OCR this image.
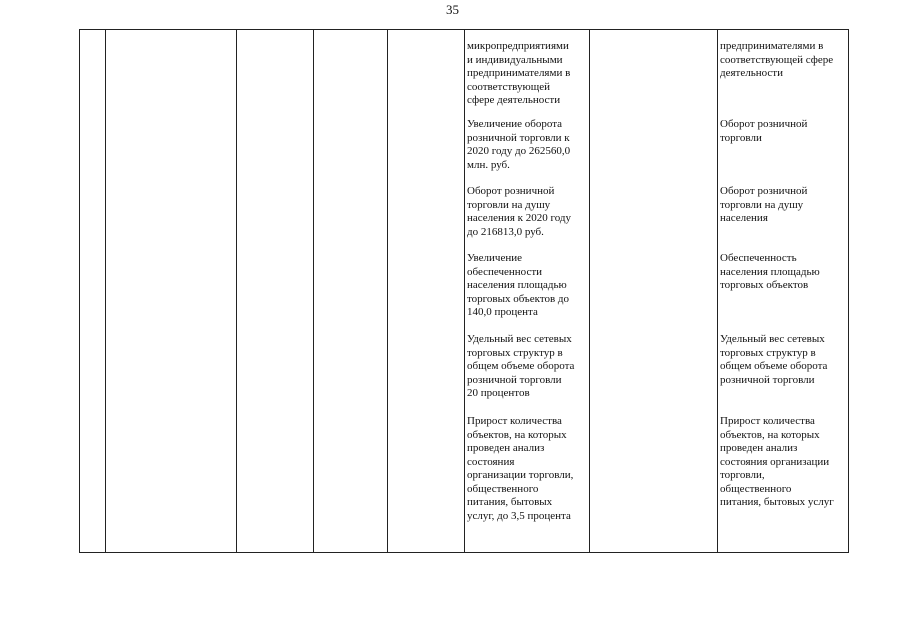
35
микропредприятиями
и индивидуальными
предпринимателями в
соответствующей
сфере деятельности
Увеличение оборота
розничной торговли к
2020 году до 262560,0
млн. руб.
Оборот розничной
торговли на душу
населения к 2020 году
до 216813,0 руб.
Увеличение
обеспеченности
населения площадью
торговых объектов до
140,0 процента
Удельный вес сетевых
торговых структур в
общем объеме оборота
розничной торговли
20 процентов
Прирост количества
объектов, на которых
проведен анализ
состояния
организации торговли,
общественного
питания, бытовых
услуг, до 3,5 процента
предпринимателями в
соответствующей сфере
деятельности
Оборот розничной
торговли
Оборот розничной
торговли на душу
населения
Обеспеченность
населения площадью
торговых объектов
Удельный вес сетевых
торговых структур в
общем объеме оборота
розничной торговли
Прирост количества
объектов, на которых
проведен анализ
состояния организации
торговли,
общественного
питания, бытовых услуг
